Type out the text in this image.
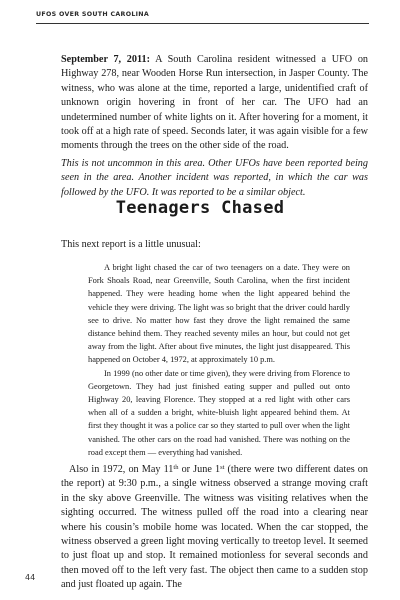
UFOS OVER SOUTH CAROLINA

September 7, 2011: A South Carolina resident witnessed a UFO on Highway 278, near Wooden Horse Run intersection, in Jasper County. The witness, who was alone at the time, reported a large, unidentified craft of unknown origin hovering in front of her car. The UFO had an undetermined number of white lights on it. After hovering for a moment, it took off at a high rate of speed. Seconds later, it was again visible for a few moments through the trees on the other side of the road.

This is not uncommon in this area. Other UFOs have been reported being seen in the area. Another incident was reported, in which the car was followed by the UFO. It was reported to be a similar object.

Teenagers Chased

This next report is a little unusual:

A bright light chased the car of two teenagers on a date. They were on Fork Shoals Road, near Greenville, South Carolina, when the first incident happened. They were heading home when the light appeared behind the vehicle they were driving. The light was so bright that the driver could hardly see to drive. No matter how fast they drove the light remained the same distance behind them. They reached seventy miles an hour, but could not get away from the light. After about five minutes, the light just disappeared. This happened on October 4, 1972, at approximately 10 p.m.

In 1999 (no other date or time given), they were driving from Florence to Georgetown. They had just finished eating supper and pulled out onto Highway 20, leaving Florence. They stopped at a red light with other cars when all of a sudden a bright, white-bluish light appeared behind them. At first they thought it was a police car so they started to pull over when the light vanished. The other cars on the road had vanished. There was nothing on the road except them — everything had vanished.

Also in 1972, on May 11th or June 1st (there were two different dates on the report) at 9:30 p.m., a single witness observed a strange moving craft in the sky above Greenville. The witness was visiting relatives when the sighting occurred. The witness pulled off the road into a clearing near where his cousin’s mobile home was located. When the car stopped, the witness observed a green light moving vertically to treetop level. It seemed to just float up and stop. It remained motionless for several seconds and then moved off to the left very fast. The object then came to a sudden stop and just floated up again. The

44
